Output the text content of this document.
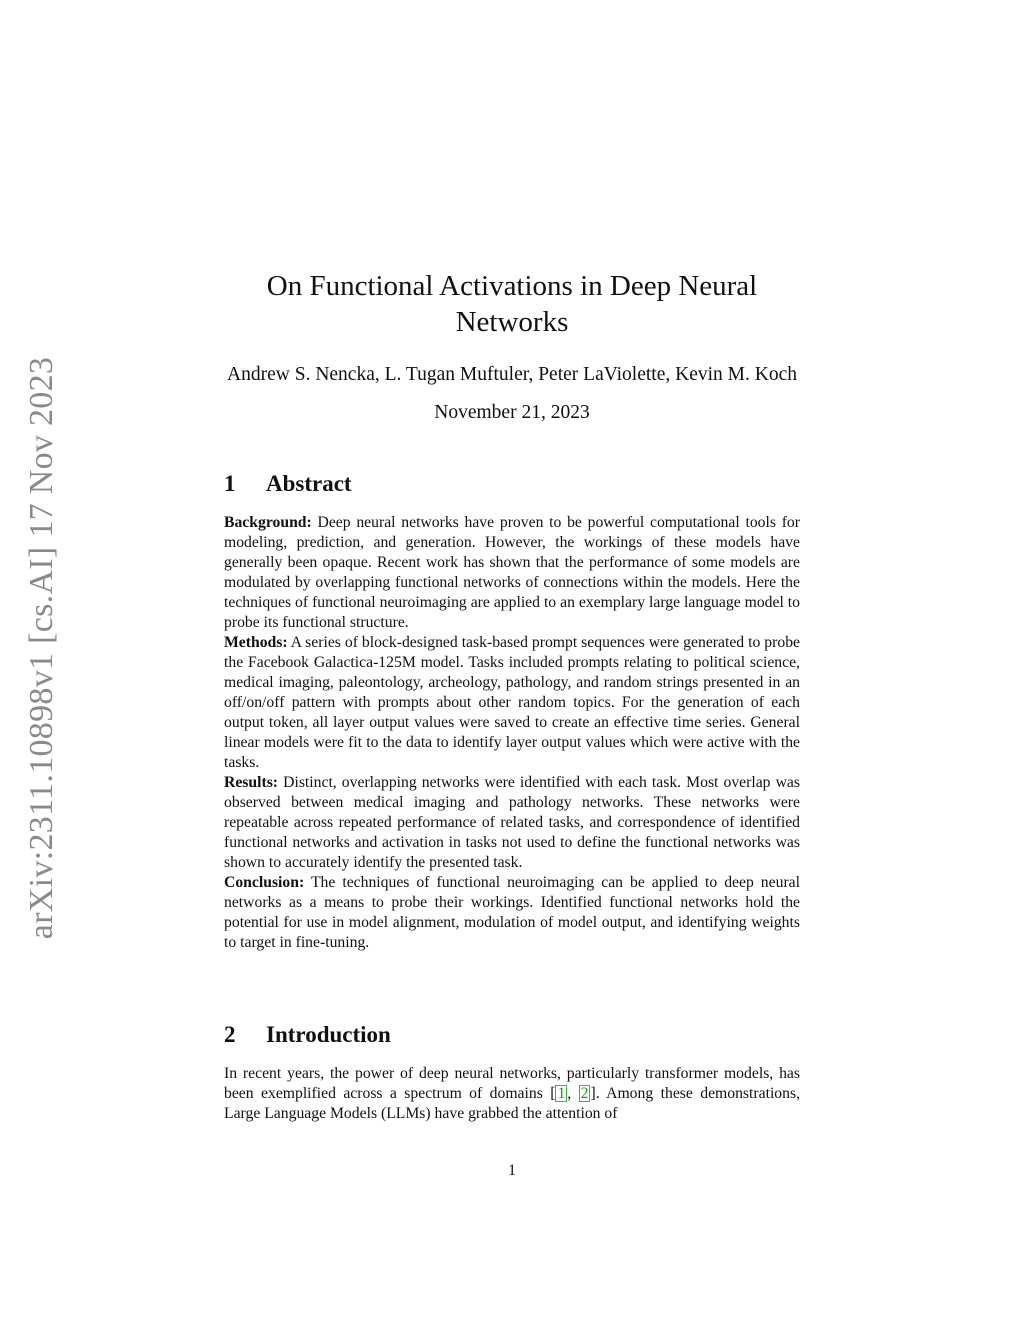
arXiv:2311.10898v1 [cs.AI] 17 Nov 2023
On Functional Activations in Deep Neural Networks
Andrew S. Nencka, L. Tugan Muftuler, Peter LaViolette, Kevin M. Koch
November 21, 2023
1 Abstract

Background: Deep neural networks have proven to be powerful computational tools for modeling, prediction, and generation. However, the workings of these models have generally been opaque. Recent work has shown that the performance of some models are modulated by overlapping functional networks of connections within the models. Here the techniques of functional neuroimaging are applied to an exemplary large language model to probe its functional structure.

Methods: A series of block-designed task-based prompt sequences were generated to probe the Facebook Galactica-125M model. Tasks included prompts relating to political science, medical imaging, paleontology, archeology, pathology, and random strings presented in an off/on/off pattern with prompts about other random topics. For the generation of each output token, all layer output values were saved to create an effective time series. General linear models were fit to the data to identify layer output values which were active with the tasks.

Results: Distinct, overlapping networks were identified with each task. Most overlap was observed between medical imaging and pathology networks. These networks were repeatable across repeated performance of related tasks, and correspondence of identified functional networks and activation in tasks not used to define the functional networks was shown to accurately identify the presented task.

Conclusion: The techniques of functional neuroimaging can be applied to deep neural networks as a means to probe their workings. Identified functional networks hold the potential for use in model alignment, modulation of model output, and identifying weights to target in fine-tuning.

2 Introduction

In recent years, the power of deep neural networks, particularly transformer models, has been exemplified across a spectrum of domains [ 1 , 2 ]. Among these demonstrations, Large Language Models (LLMs) have grabbed the attention of

1
